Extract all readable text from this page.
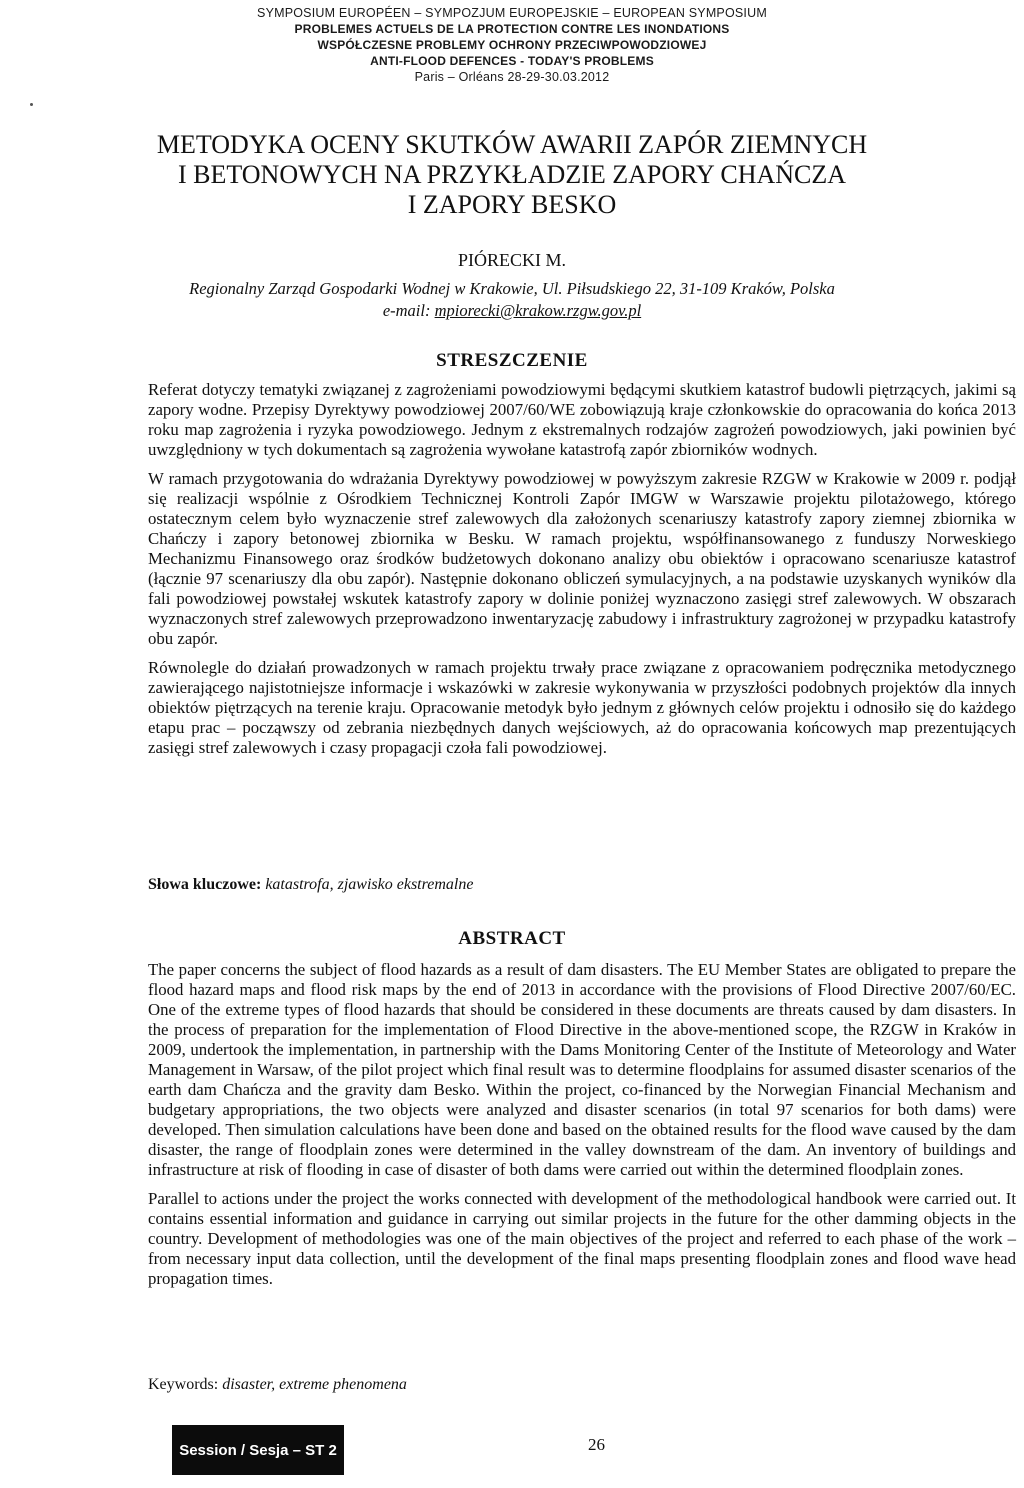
SYMPOSIUM EUROPÉEN – SYMPOZJUM EUROPEJSKIE – EUROPEAN SYMPOSIUM
PROBLEMES ACTUELS DE LA PROTECTION CONTRE LES INONDATIONS
WSPÓŁCZESNE PROBLEMY OCHRONY PRZECIWPOWODZIOWEJ
ANTI-FLOOD DEFENCES - TODAY'S PROBLEMS
Paris – Orléans 28-29-30.03.2012
METODYKA OCENY SKUTKÓW AWARII ZAPÓR ZIEMNYCH
I BETONOWYCH NA PRZYKŁADZIE ZAPORY CHAŃCZA
I ZAPORY BESKO
PIÓRECKI M.
Regionalny Zarząd Gospodarki Wodnej w Krakowie, Ul. Piłsudskiego 22, 31-109 Kraków, Polska
e-mail: mpiorecki@krakow.rzgw.gov.pl
STRESZCZENIE

Referat dotyczy tematyki związanej z zagrożeniami powodziowymi będącymi skutkiem katastrof budowli piętrzących, jakimi są zapory wodne. Przepisy Dyrektywy powodziowej 2007/60/WE zobowiązują kraje członkowskie do opracowania do końca 2013 roku map zagrożenia i ryzyka powodziowego. Jednym z ekstremalnych rodzajów zagrożeń powodziowych, jaki powinien być uwzględniony w tych dokumentach są zagrożenia wywołane katastrofą zapór zbiorników wodnych.

W ramach przygotowania do wdrażania Dyrektywy powodziowej w powyższym zakresie RZGW w Krakowie w 2009 r. podjął się realizacji wspólnie z Ośrodkiem Technicznej Kontroli Zapór IMGW w Warszawie projektu pilotażowego, którego ostatecznym celem było wyznaczenie stref zalewowych dla założonych scenariuszy katastrofy zapory ziemnej zbiornika w Chańczy i zapory betonowej zbiornika w Besku. W ramach projektu, współfinansowanego z funduszy Norweskiego Mechanizmu Finansowego oraz środków budżetowych dokonano analizy obu obiektów i opracowano scenariusze katastrof (łącznie 97 scenariuszy dla obu zapór). Następnie dokonano obliczeń symulacyjnych, a na podstawie uzyskanych wyników dla fali powodziowej powstałej wskutek katastrofy zapory w dolinie poniżej wyznaczono zasięgi stref zalewowych. W obszarach wyznaczonych stref zalewowych przeprowadzono inwentaryzację zabudowy i infrastruktury zagrożonej w przypadku katastrofy obu zapór.

Równolegle do działań prowadzonych w ramach projektu trwały prace związane z opracowaniem podręcznika metodycznego zawierającego najistotniejsze informacje i wskazówki w zakresie wykonywania w przyszłości podobnych projektów dla innych obiektów piętrzących na terenie kraju. Opracowanie metodyk było jednym z głównych celów projektu i odnosiło się do każdego etapu prac – począwszy od zebrania niezbędnych danych wejściowych, aż do opracowania końcowych map prezentujących zasięgi stref zalewowych i czasy propagacji czoła fali powodziowej.

Słowa kluczowe: katastrofa, zjawisko ekstremalne
ABSTRACT

The paper concerns the subject of flood hazards as a result of dam disasters. The EU Member States are obligated to prepare the flood hazard maps and flood risk maps by the end of 2013 in accordance with the provisions of Flood Directive 2007/60/EC. One of the extreme types of flood hazards that should be considered in these documents are threats caused by dam disasters. In the process of preparation for the implementation of Flood Directive in the above-mentioned scope, the RZGW in Kraków in 2009, undertook the implementation, in partnership with the Dams Monitoring Center of the Institute of Meteorology and Water Management in Warsaw, of the pilot project which final result was to determine floodplains for assumed disaster scenarios of the earth dam Chańcza and the gravity dam Besko. Within the project, co-financed by the Norwegian Financial Mechanism and budgetary appropriations, the two objects were analyzed and disaster scenarios (in total 97 scenarios for both dams) were developed. Then simulation calculations have been done and based on the obtained results for the flood wave caused by the dam disaster, the range of floodplain zones were determined in the valley downstream of the dam. An inventory of buildings and infrastructure at risk of flooding in case of disaster of both dams were carried out within the determined floodplain zones.

Parallel to actions under the project the works connected with development of the methodological handbook were carried out. It contains essential information and guidance in carrying out similar projects in the future for the other damming objects in the country. Development of methodologies was one of the main objectives of the project and referred to each phase of the work – from necessary input data collection, until the development of the final maps presenting floodplain zones and flood wave head propagation times.

Keywords: disaster, extreme phenomena
Session / Sesja – ST 2	26
